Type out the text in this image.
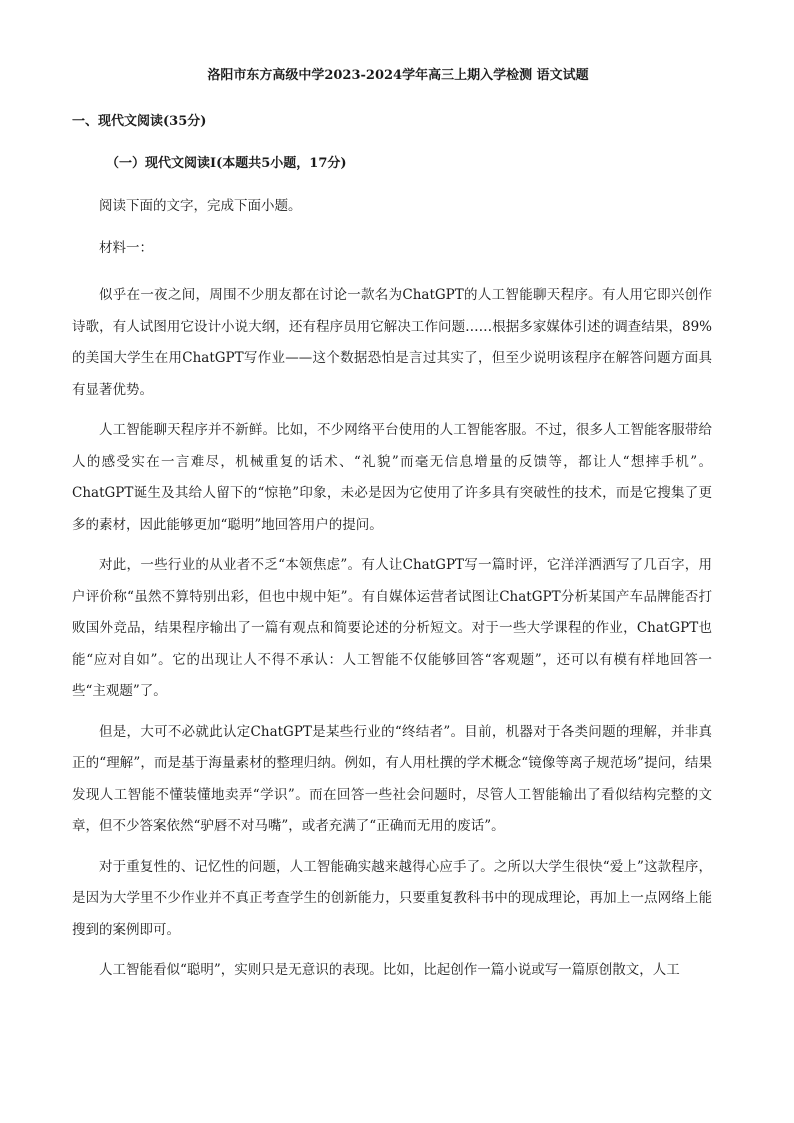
洛阳市东方高级中学2023-2024学年高三上期入学检测 语文试题
一、现代文阅读(35分)
（一）现代文阅读Ⅰ(本题共5小题，17分)
阅读下面的文字，完成下面小题。
材料一：

似乎在一夜之间，周围不少朋友都在讨论一款名为ChatGPT的人工智能聊天程序。有人用它即兴创作诗歌，有人试图用它设计小说大纲，还有程序员用它解决工作问题……根据多家媒体引述的调查结果，89%的美国大学生在用ChatGPT写作业——这个数据恐怕是言过其实了，但至少说明该程序在解答问题方面具有显著优势。

人工智能聊天程序并不新鲜。比如，不少网络平台使用的人工智能客服。不过，很多人工智能客服带给人的感受实在一言难尽，机械重复的话术、“礼貌”而毫无信息增量的反馈等，都让人“想摔手机”。ChatGPT诞生及其给人留下的“惊艳”印象，未必是因为它使用了许多具有突破性的技术，而是它搜集了更多的素材，因此能够更加“聪明”地回答用户的提问。

对此，一些行业的从业者不乏“本领焦虑”。有人让ChatGPT写一篇时评，它洋洋洒洒写了几百字，用户评价称“虽然不算特别出彩，但也中规中矩”。有自媒体运营者试图让ChatGPT分析某国产车品牌能否打败国外竞品，结果程序输出了一篇有观点和简要论述的分析短文。对于一些大学课程的作业，ChatGPT也能“应对自如”。它的出现让人不得不承认：人工智能不仅能够回答“客观题”，还可以有模有样地回答一些“主观题”了。

但是，大可不必就此认定ChatGPT是某些行业的“终结者”。目前，机器对于各类问题的理解，并非真正的“理解”，而是基于海量素材的整理归纳。例如，有人用杜撰的学术概念“镜像等离子规范场”提问，结果发现人工智能不懂装懂地卖弄“学识”。而在回答一些社会问题时，尽管人工智能输出了看似结构完整的文章，但不少答案依然“驴唇不对马嘴”，或者充满了“正确而无用的废话”。

对于重复性的、记忆性的问题，人工智能确实越来越得心应手了。之所以大学生很快“爱上”这款程序，是因为大学里不少作业并不真正考查学生的创新能力，只要重复教科书中的现成理论，再加上一点网络上能搜到的案例即可。

人工智能看似“聪明”，实则只是无意识的表现。比如，比起创作一篇小说或写一篇原创散文，人工
